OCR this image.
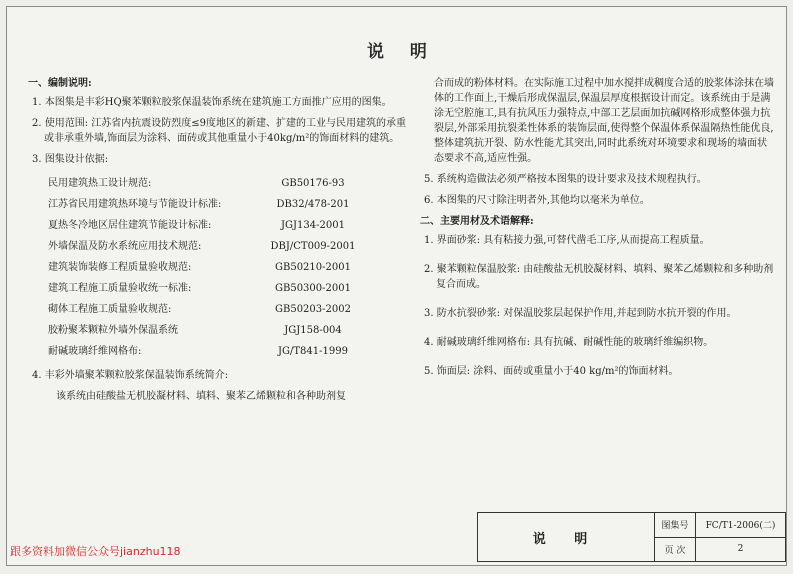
说 明
一、编制说明:
1. 本图集是丰彩HQ聚苯颗粒胶浆保温装饰系统在建筑施工方面推广应用的图集。
2. 使用范围: 江苏省内抗震设防烈度≤9度地区的新建、扩建的工业与民用建筑的承重或非承重外墙,饰面层为涂料、面砖或其他重量小于40kg/m²的饰面材料的建筑。
3. 图集设计依据:
民用建筑热工设计规范:	GB50176-93
江苏省民用建筑热环境与节能设计标准:	DB32/478-201
夏热冬冷地区居住建筑节能设计标准:	JGJ134-2001
外墙保温及防水系统应用技术规范:	DBJ/CT009-2001
建筑装饰装修工程质量验收规范:	GB50210-2001
建筑工程施工质量验收统一标准:	GB50300-2001
砌体工程施工质量验收规范:	GB50203-2002
胶粉聚苯颗粒外墙外保温系统	JGJ158-004
耐碱玻璃纤维网格布:	JG/T841-1999
4. 丰彩外墙聚苯颗粒胶浆保温装饰系统简介:
该系统由硅酸盐无机胶凝材料、填料、聚苯乙烯颗粒和各种助剂复
合而成的粉体材料。在实际施工过程中加水搅拌成稠度合适的胶浆体涂抹在墙体的工作面上,干燥后形成保温层,保温层厚度根据设计而定。该系统由于是满涂无空腔施工,具有抗风压力强特点,中部工艺层面加抗碱网格形成整体强力抗裂层,外部采用抗裂柔性体系的装饰层面,使得整个保温体系保温隔热性能优良,整体建筑抗开裂、防水性能尤其突出,同时此系统对环境要求和现场的墙面状态要求不高,适应性强。
5. 系统构造做法必须严格按本图集的设计要求及技术规程执行。
6. 本图集的尺寸除注明者外,其他均以毫米为单位。
二、主要用材及术语解释:
1. 界面砂浆: 具有粘接力强,可替代凿毛工序,从而提高工程质量。
2. 聚苯颗粒保温胶浆: 由硅酸盐无机胶凝材料、填料、聚苯乙烯颗粒和多种助剂复合而成。
3. 防水抗裂砂浆: 对保温胶浆层起保护作用,并起到防水抗开裂的作用。
4. 耐碱玻璃纤维网格布: 具有抗碱、耐碱性能的玻璃纤维编织物。
5. 饰面层: 涂料、面砖或重量小于40 kg/m²的饰面材料。
说 明
图集号	FC/T1-2006(二)
页 次	2
跟多资料加微信公众号jianzhu118
